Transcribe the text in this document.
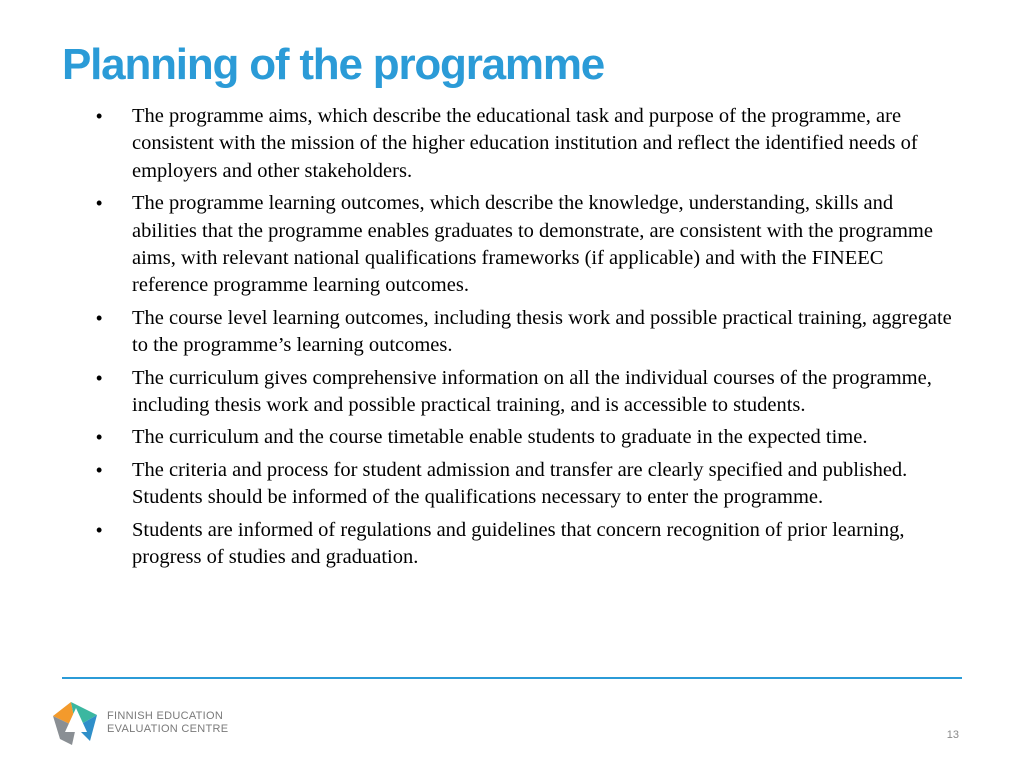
Planning of the programme
• The programme aims, which describe the educational task and purpose of the programme, are consistent with the mission of the higher education institution and reflect the identified needs of employers and other stakeholders.
• The programme learning outcomes, which describe the knowledge, understanding, skills and abilities that the programme enables graduates to demonstrate, are consistent with the programme aims, with relevant national qualifications frameworks (if applicable) and with the FINEEC reference programme learning outcomes.
• The course level learning outcomes, including thesis work and possible practical training, aggregate to the programme’s learning outcomes.
• The curriculum gives comprehensive information on all the individual courses of the programme, including thesis work and possible practical training, and is accessible to students.
• The curriculum and the course timetable enable students to graduate in the expected time.
• The criteria and process for student admission and transfer are clearly specified and published. Students should be informed of the qualifications necessary to enter the programme.
• Students are informed of regulations and guidelines that concern recognition of prior learning, progress of studies and graduation.
FINNISH EDUCATION
EVALUATION CENTRE	13
